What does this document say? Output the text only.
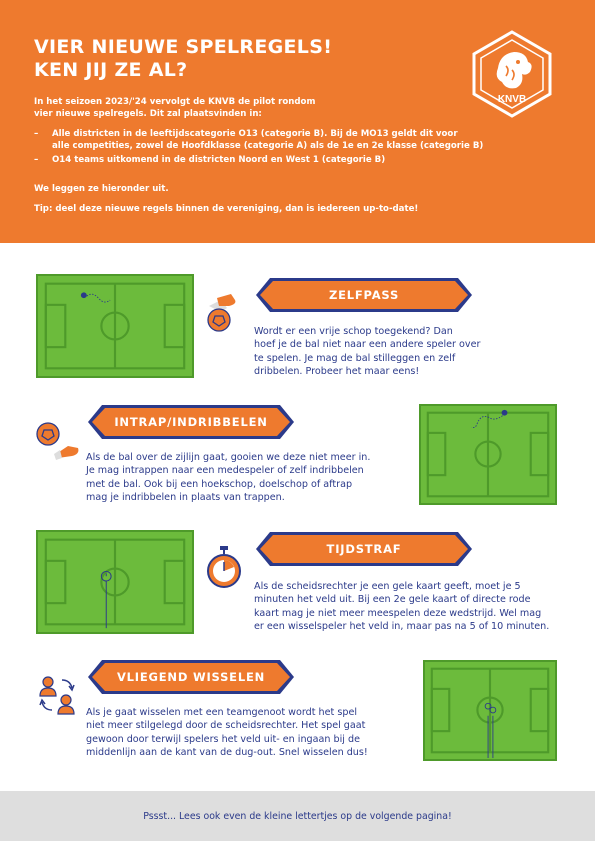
VIER NIEUWE SPELREGELS!
KEN JIJ ZE AL?

In het seizoen 2023/'24 vervolgt de KNVB de pilot rondom

vier nieuwe spelregels. Dit zal plaatsvinden in:

– Alle districten in de leeftijdscategorie O13 (categorie B). Bij de MO13 geldt dit voor
alle competities, zowel de Hoofdklasse (categorie A) als de 1e en 2e klasse (categorie B)
– O14 teams uitkomend in de districten Noord en West 1 (categorie B)
We leggen ze hieronder uit.
Tip: deel deze nieuwe regels binnen de vereniging, dan is iedereen up-to-date!
KNVB
ZELFPASS
Wordt er een vrije schop toegekend? Dan
hoef je de bal niet naar een andere speler over
te spelen. Je mag de bal stilleggen en zelf
dribbelen. Probeer het maar eens!
INTRAP/INDRIBBELEN
Als de bal over de zijlijn gaat, gooien we deze niet meer in.
Je mag intrappen naar een medespeler of zelf indribbelen
met de bal. Ook bij een hoekschop, doelschop of aftrap
mag je indribbelen in plaats van trappen.
TIJDSTRAF
Als de scheidsrechter je een gele kaart geeft, moet je 5
minuten het veld uit. Bij een 2e gele kaart of directe rode
kaart mag je niet meer meespelen deze wedstrijd. Wel mag
er een wisselspeler het veld in, maar pas na 5 of 10 minuten.
VLIEGEND WISSELEN
Als je gaat wisselen met een teamgenoot wordt het spel
niet meer stilgelegd door de scheidsrechter. Het spel gaat
gewoon door terwijl spelers het veld uit- en ingaan bij de
middenlijn aan de kant van de dug-out. Snel wisselen dus!
Pssst... Lees ook even de kleine lettertjes op de volgende pagina!
